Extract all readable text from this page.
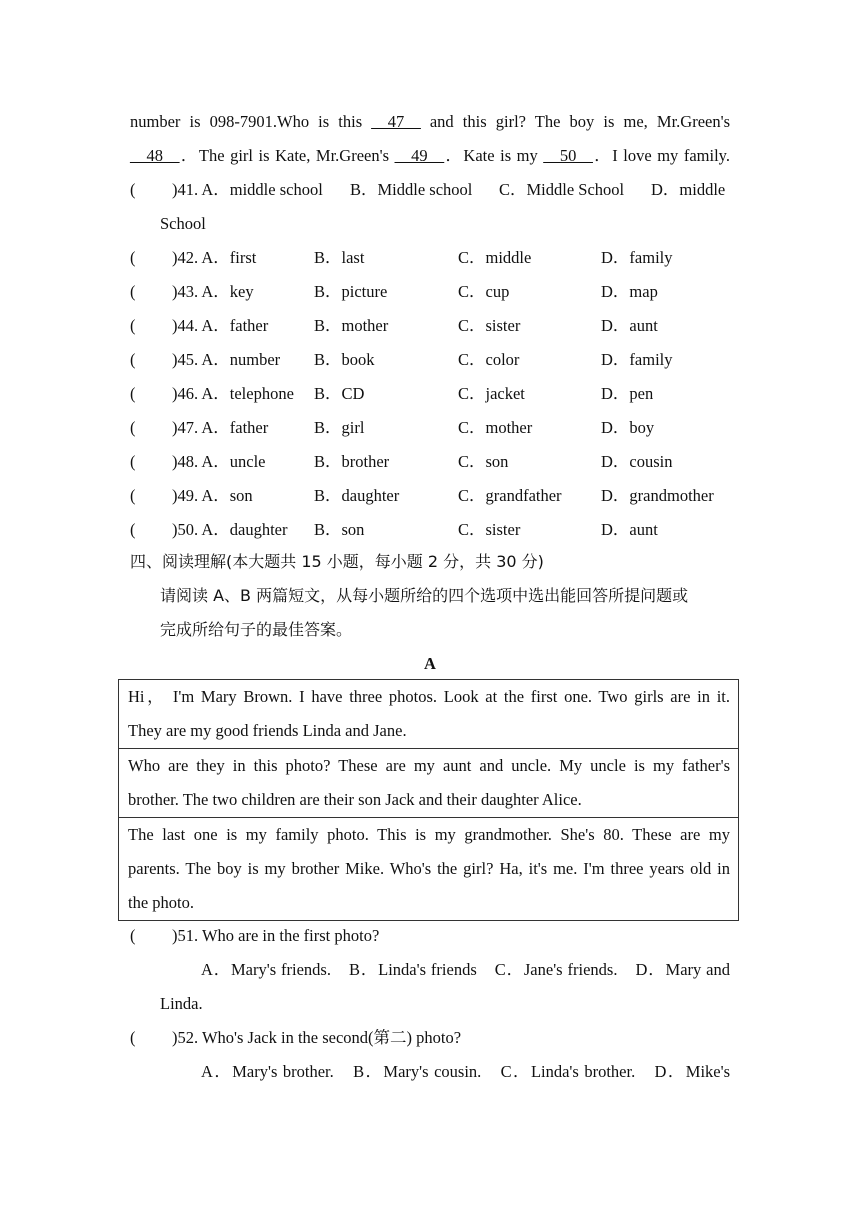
number is 098-7901.Who is this __47__ and this girl? The boy is me, Mr.Green's
__48__．The girl is Kate, Mr.Green's __49__．Kate is my __50__．I love my family.
( )41. A．middle school B．Middle school C．Middle School D．middle
School
( )42. A．first	B．last	C．middle	D．family
( )43. A．key	B．picture	C．cup	D．map
( )44. A．father	B．mother	C．sister	D．aunt
( )45. A．number B．book	C．color	D．family
( )46. A．telephone B．CD	C．jacket	D．pen
( )47. A．father	B．girl	C．mother	D．boy
( )48. A．uncle	B．brother	C．son	D．cousin
( )49. A．son	B．daughter	C．grandfather D．grandmother
( )50. A．daughter B．son	C．sister	D．aunt
四、阅读理解(本大题共 15 小题，每小题 2 分，共 30 分)
请阅读 A、B 两篇短文，从每小题所给的四个选项中选出能回答所提问题或
完成所给句子的最佳答案。
A
Hi， I'm Mary Brown. I have three photos. Look at the first one. Two girls are in it.
They are my good friends Linda and Jane.
Who are they in this photo? These are my aunt and uncle. My uncle is my father's
brother. The two children are their son Jack and their daughter Alice.
The last one is my family photo. This is my grandmother. She's 80. These are my
parents. The boy is my brother Mike. Who's the girl? Ha, it's me. I'm three years old in
the photo.
( )51. Who are in the first photo?
A．Mary's friends.　B．Linda's friends　C．Jane's friends.　D．Mary and
Linda.
( )52. Who's Jack in the second(第二) photo?
A．Mary's brother.　B．Mary's cousin.　C．Linda's brother.　D．Mike's
